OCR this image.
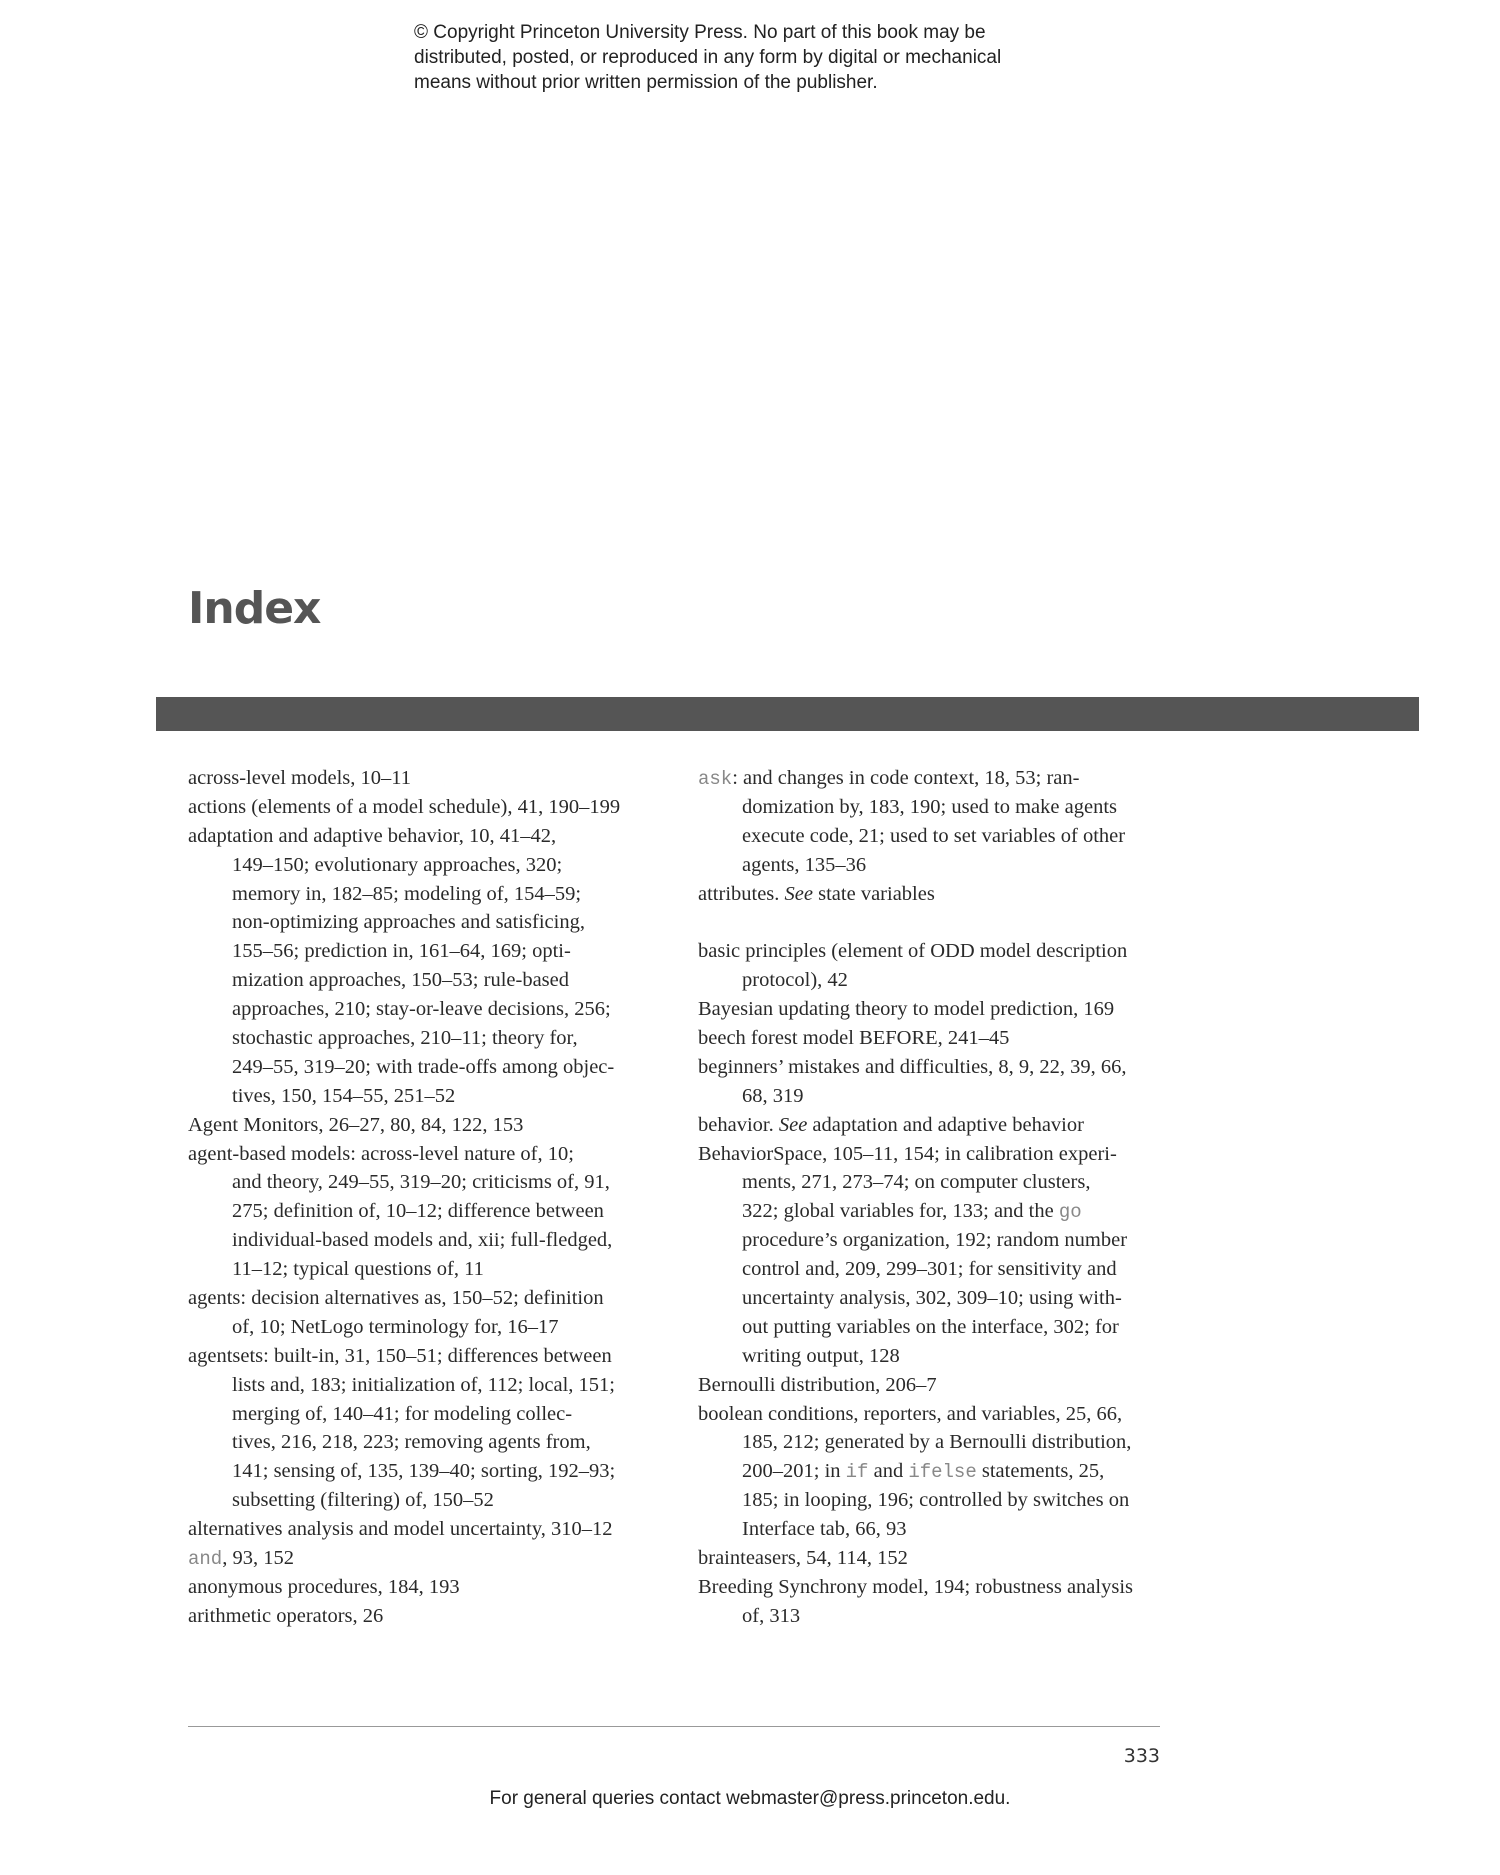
© Copyright Princeton University Press. No part of this book may be
distributed, posted, or reproduced in any form by digital or mechanical
means without prior written permission of the publisher.
Index
across-level models, 10–11
actions (elements of a model schedule), 41, 190–199
adaptation and adaptive behavior, 10, 41–42,
149–150; evolutionary approaches, 320;
memory in, 182–85; modeling of, 154–59;
non-optimizing approaches and satisficing,
155–56; prediction in, 161–64, 169; opti-
mization approaches, 150–53; rule-based
approaches, 210; stay-or-leave decisions, 256;
stochastic approaches, 210–11; theory for,
249–55, 319–20; with trade-offs among objec-
tives, 150, 154–55, 251–52
Agent Monitors, 26–27, 80, 84, 122, 153
agent-based models: across-level nature of, 10;
and theory, 249–55, 319–20; criticisms of, 91,
275; definition of, 10–12; difference between
individual-based models and, xii; full-fledged,
11–12; typical questions of, 11
agents: decision alternatives as, 150–52; definition
of, 10; NetLogo terminology for, 16–17
agentsets: built-in, 31, 150–51; differences between
lists and, 183; initialization of, 112; local, 151;
merging of, 140–41; for modeling collec-
tives, 216, 218, 223; removing agents from,
141; sensing of, 135, 139–40; sorting, 192–93;
subsetting (filtering) of, 150–52
alternatives analysis and model uncertainty, 310–12
and, 93, 152
anonymous procedures, 184, 193
arithmetic operators, 26
ask: and changes in code context, 18, 53; ran-
domization by, 183, 190; used to make agents
execute code, 21; used to set variables of other
agents, 135–36
attributes. See state variables
basic principles (element of ODD model description
protocol), 42
Bayesian updating theory to model prediction, 169
beech forest model BEFORE, 241–45
beginners’ mistakes and difficulties, 8, 9, 22, 39, 66,
68, 319
behavior. See adaptation and adaptive behavior
BehaviorSpace, 105–11, 154; in calibration experi-
ments, 271, 273–74; on computer clusters,
322; global variables for, 133; and the go
procedure’s organization, 192; random number
control and, 209, 299–301; for sensitivity and
uncertainty analysis, 302, 309–10; using with-
out putting variables on the interface, 302; for
writing output, 128
Bernoulli distribution, 206–7
boolean conditions, reporters, and variables, 25, 66,
185, 212; generated by a Bernoulli distribution,
200–201; in if and ifelse statements, 25,
185; in looping, 196; controlled by switches on
Interface tab, 66, 93
brainteasers, 54, 114, 152
Breeding Synchrony model, 194; robustness analysis
of, 313
333
For general queries contact webmaster@press.princeton.edu.
